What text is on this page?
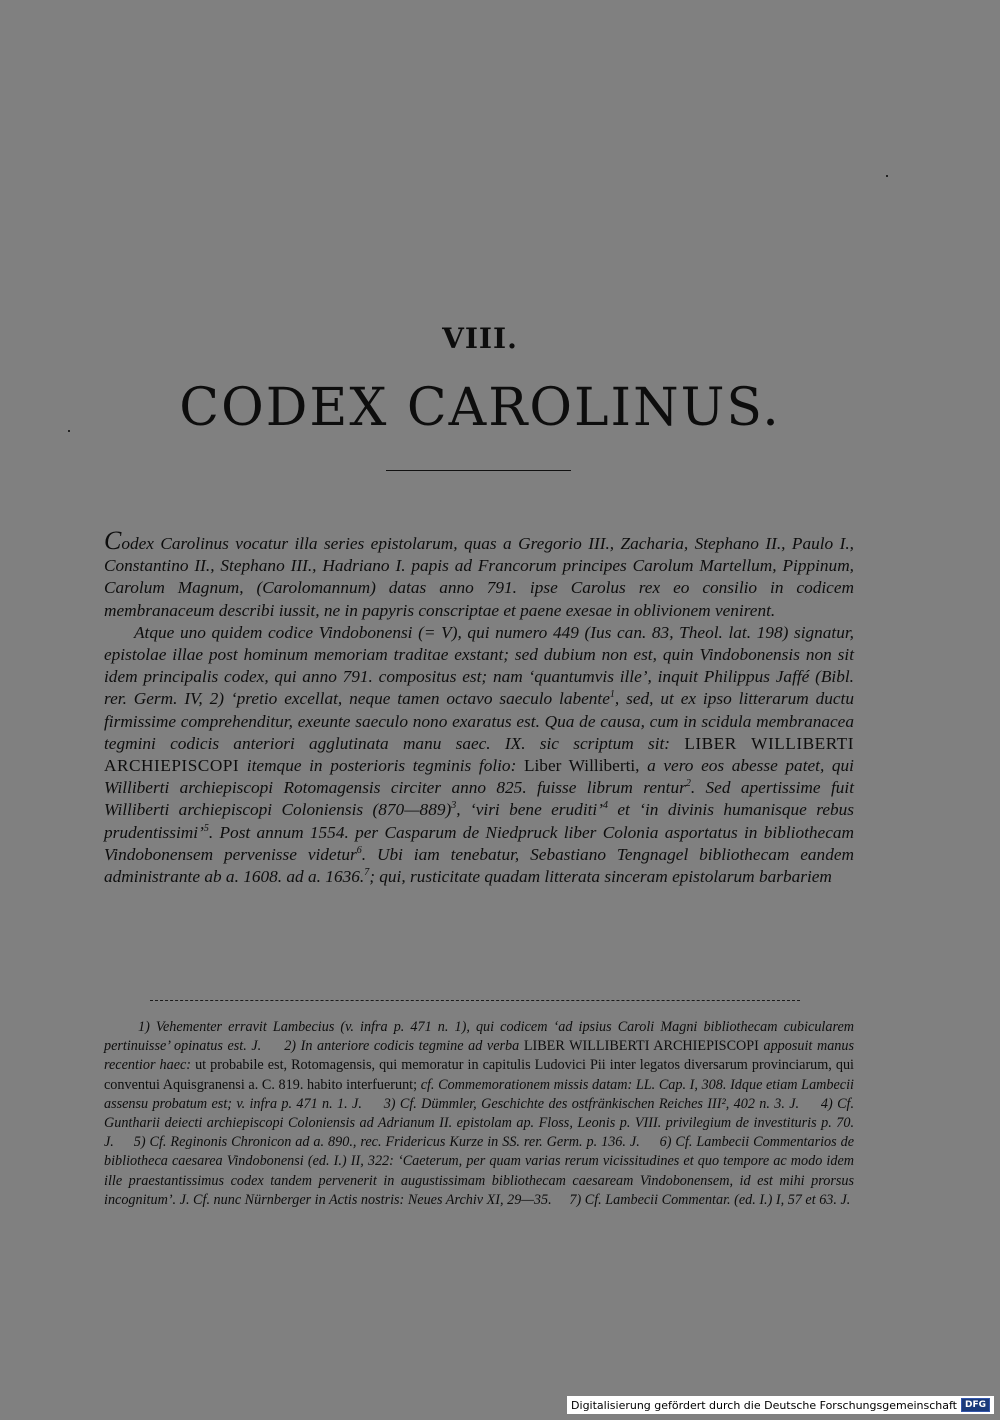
VIII.
CODEX CAROLINUS.

Codex Carolinus vocatur illa series epistolarum, quas a Gregorio III., Zacharia, Stephano II., Paulo I., Constantino II., Stephano III., Hadriano I. papis ad Francorum principes Carolum Martellum, Pippinum, Carolum Magnum, (Carolomannum) datas anno 791. ipse Carolus rex eo consilio in codicem membranaceum describi iussit, ne in papyris conscriptae et paene exesae in oblivionem venirent.

Atque uno quidem codice Vindobonensi (= V), qui numero 449 (Ius can. 83, Theol. lat. 198) signatur, epistolae illae post hominum memoriam traditae exstant; sed dubium non est, quin Vindobonensis non sit idem principalis codex, qui anno 791. compositus est; nam ‘quantumvis ille’, inquit Philippus Jaffé (Bibl. rer. Germ. IV, 2) ‘pretio excellat, neque tamen octavo saeculo labente$^1$, sed, ut ex ipso litterarum ductu firmissime comprehenditur, exeunte saeculo nono exaratus est. Qua de causa, cum in scidula membranacea tegmini codicis anteriori agglutinata manu saec. IX. sic scriptum sit: LIBER WILLIBERTI ARCHIEPISCOPI itemque in posterioris tegminis folio: Liber Williberti, a vero eos abesse patet, qui Williberti archiepiscopi Rotomagensis circiter anno 825. fuisse librum rentur$^2$. Sed apertissime fuit Williberti archiepiscopi Coloniensis (870—889)$^3$, ‘viri bene eruditi’$^4$ et ‘in divinis humanisque rebus prudentissimi’$^5$. Post annum 1554. per Casparum de Niedpruck liber Colonia asportatus in bibliothecam Vindobonensem pervenisse videtur$^6$. Ubi iam tenebatur, Sebastiano Tengnagel bibliothecam eandem administrante ab a. 1608. ad a. 1636.$^7$; qui, rusticitate quadam litterata sinceram epistolarum barbariem

1) Vehementer erravit Lambecius (v. infra p. 471 n. 1), qui codicem ‘ad ipsius Caroli Magni bibliothecam cubicularem pertinuisse’ opinatus est. J. 2) In anteriore codicis tegmine ad verba LIBER WILLIBERTI ARCHIEPISCOPI apposuit manus recentior haec: ut probabile est, Rotomagensis, qui memoratur in capitulis Ludovici Pii inter legatos diversarum provinciarum, qui conventui Aquisgranensi a. C. 819. habito interfuerunt; cf. Commemorationem missis datam: LL. Cap. I, 308. Idque etiam Lambecii assensu probatum est; v. infra p. 471 n. 1. J. 3) Cf. Dümmler, Geschichte des ostfränkischen Reiches III², 402 n. 3. J. 4) Cf. Guntharii deiecti archiepiscopi Coloniensis ad Adrianum II. epistolam ap. Floss, Leonis p. VIII. privilegium de investituris p. 70. J. 5) Cf. Reginonis Chronicon ad a. 890., rec. Fridericus Kurze in SS. rer. Germ. p. 136. J. 6) Cf. Lambecii Commentarios de bibliotheca caesarea Vindobonensi (ed. I.) II, 322: ‘Caeterum, per quam varias rerum vicissitudines et quo tempore ac modo idem ille praestantissimus codex tandem pervenerit in augustissimam bibliothecam caesaream Vindobonensem, id est mihi prorsus incognitum’. J. Cf. nunc Nürnberger in Actis nostris: Neues Archiv XI, 29—35. 7) Cf. Lambecii Commentar. (ed. I.) I, 57 et 63. J.
Digitalisierung gefördert durch die Deutsche Forschungsgemeinschaft DFG
